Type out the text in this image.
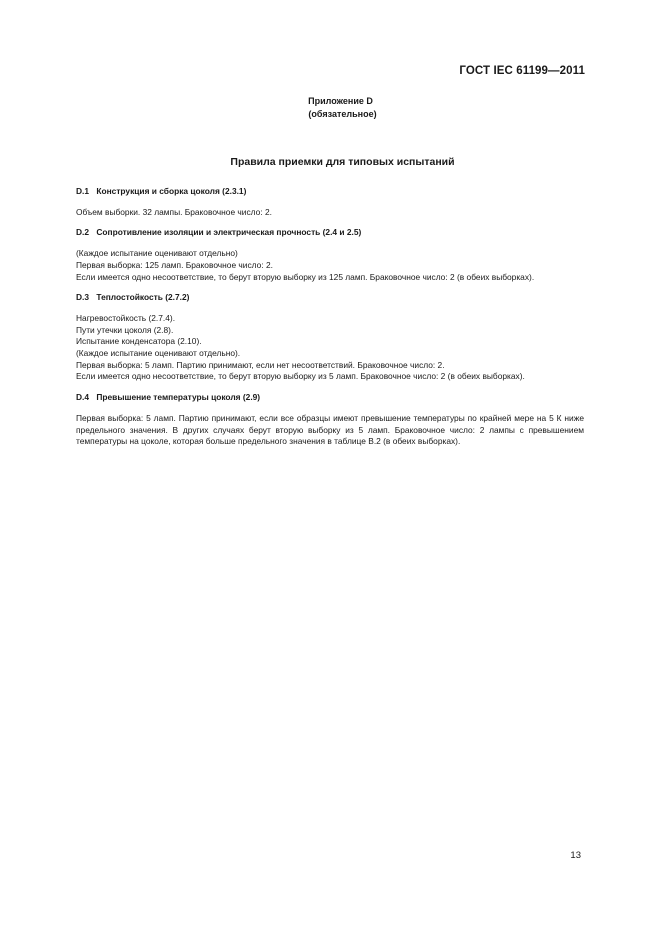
ГОСТ IEC 61199—2011
Приложение D
(обязательное)
Правила приемки для типовых испытаний

D.1 Конструкция и сборка цоколя (2.3.1)

Объем выборки. 32 лампы. Браковочное число: 2.

D.2 Сопротивление изоляции и электрическая прочность (2.4 и 2.5)

(Каждое испытание оценивают отдельно)

Первая выборка: 125 ламп. Браковочное число: 2.

Если имеется одно несоответствие, то берут вторую выборку из 125 ламп. Браковочное число: 2 (в обеих выборках).

D.3 Теплостойкость (2.7.2)

Нагревостойкость (2.7.4).

Пути утечки цоколя (2.8).

Испытание конденсатора (2.10).

(Каждое испытание оценивают отдельно).

Первая выборка: 5 ламп. Партию принимают, если нет несоответствий. Браковочное число: 2.

Если имеется одно несоответствие, то берут вторую выборку из 5 ламп. Браковочное число: 2 (в обеих выборках).

D.4 Превышение температуры цоколя (2.9)

Первая выборка: 5 ламп. Партию принимают, если все образцы имеют превышение температуры по крайней мере на 5 К ниже предельного значения. В других случаях берут вторую выборку из 5 ламп. Браковочное число: 2 лампы с превышением температуры на цоколе, которая больше предельного значения в таблице В.2 (в обеих выборках).

13
